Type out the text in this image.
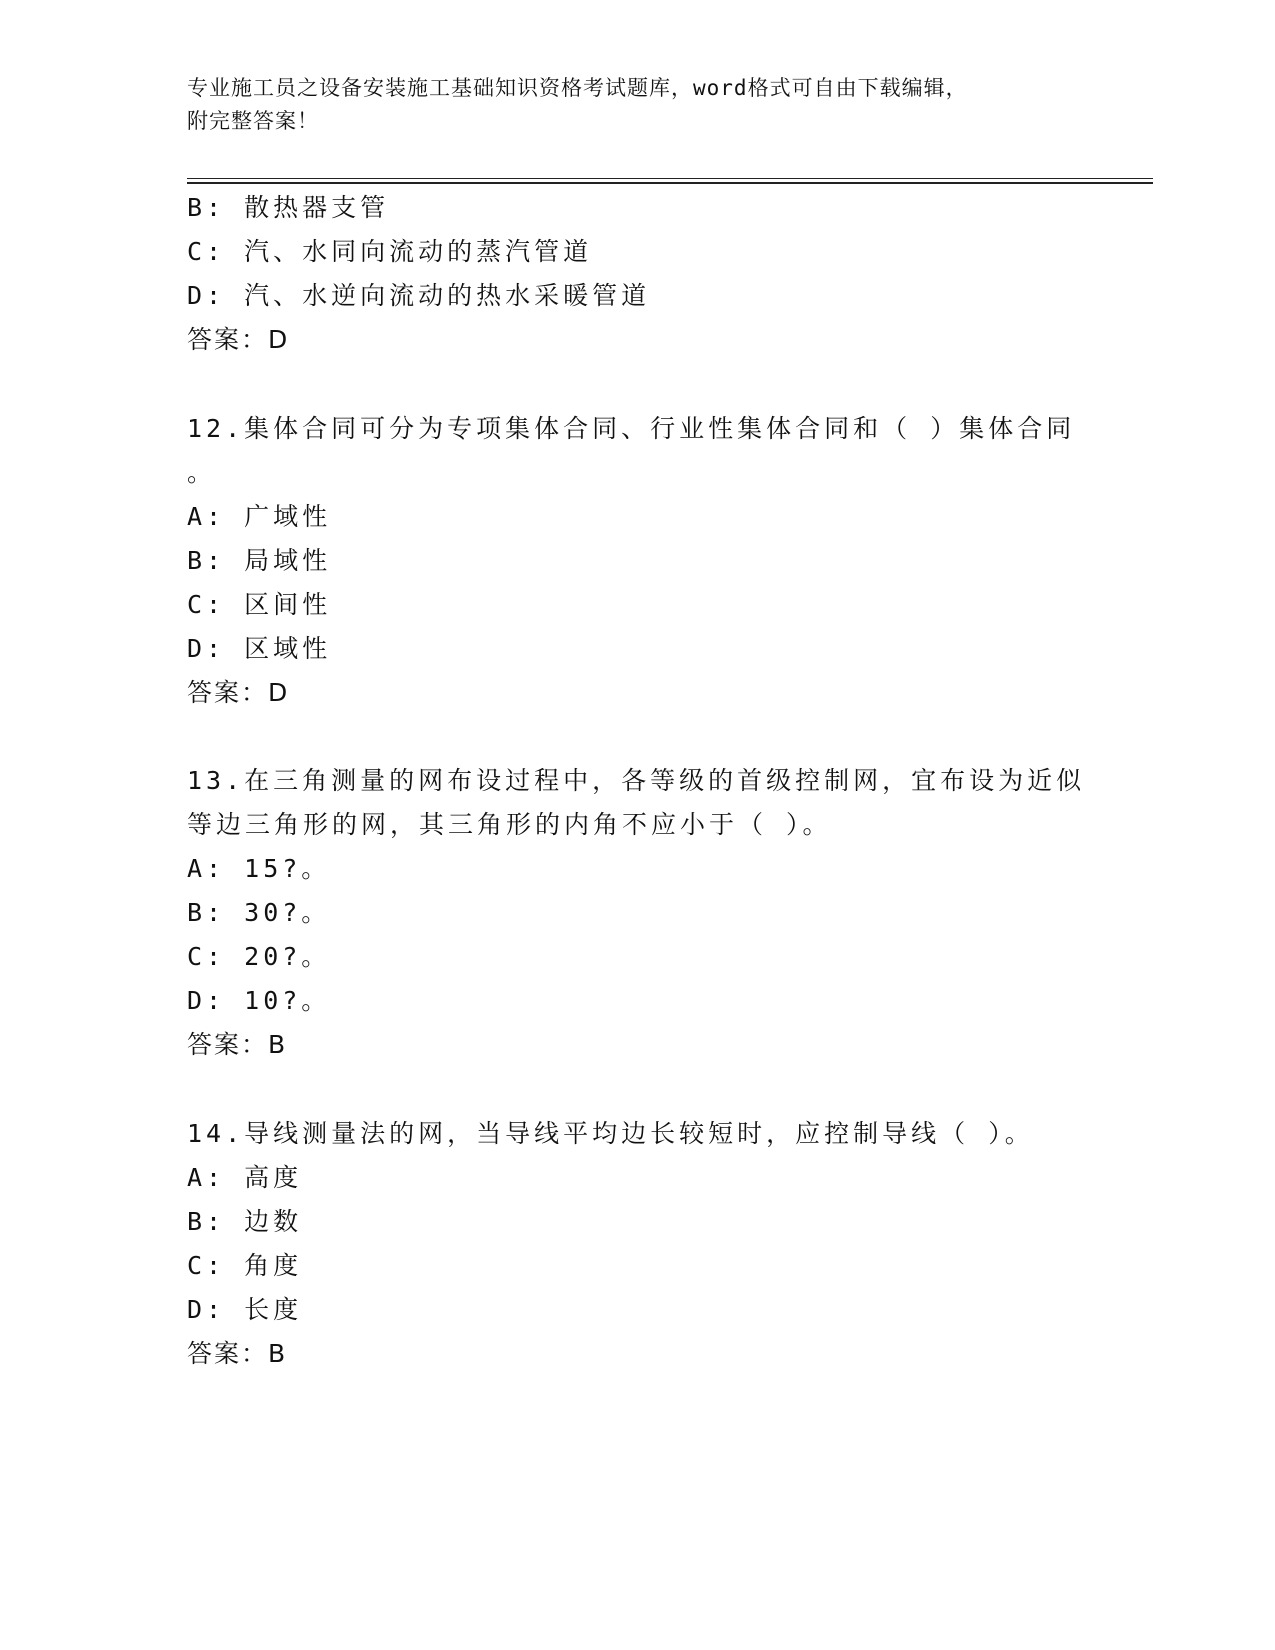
专业施工员之设备安装施工基础知识资格考试题库，word格式可自由下载编辑，
附完整答案！
B: 散热器支管
C: 汽、水同向流动的蒸汽管道
D: 汽、水逆向流动的热水采暖管道
答案：D
12.集体合同可分为专项集体合同、行业性集体合同和（ ）集体合同
。
A: 广域性
B: 局域性
C: 区间性
D: 区域性
答案：D
13.在三角测量的网布设过程中，各等级的首级控制网，宜布设为近似
等边三角形的网，其三角形的内角不应小于（ ）。
A: 15?。
B: 30?。
C: 20?。
D: 10?。
答案：B
14.导线测量法的网，当导线平均边长较短时，应控制导线（ ）。
A: 高度
B: 边数
C: 角度
D: 长度
答案：B
